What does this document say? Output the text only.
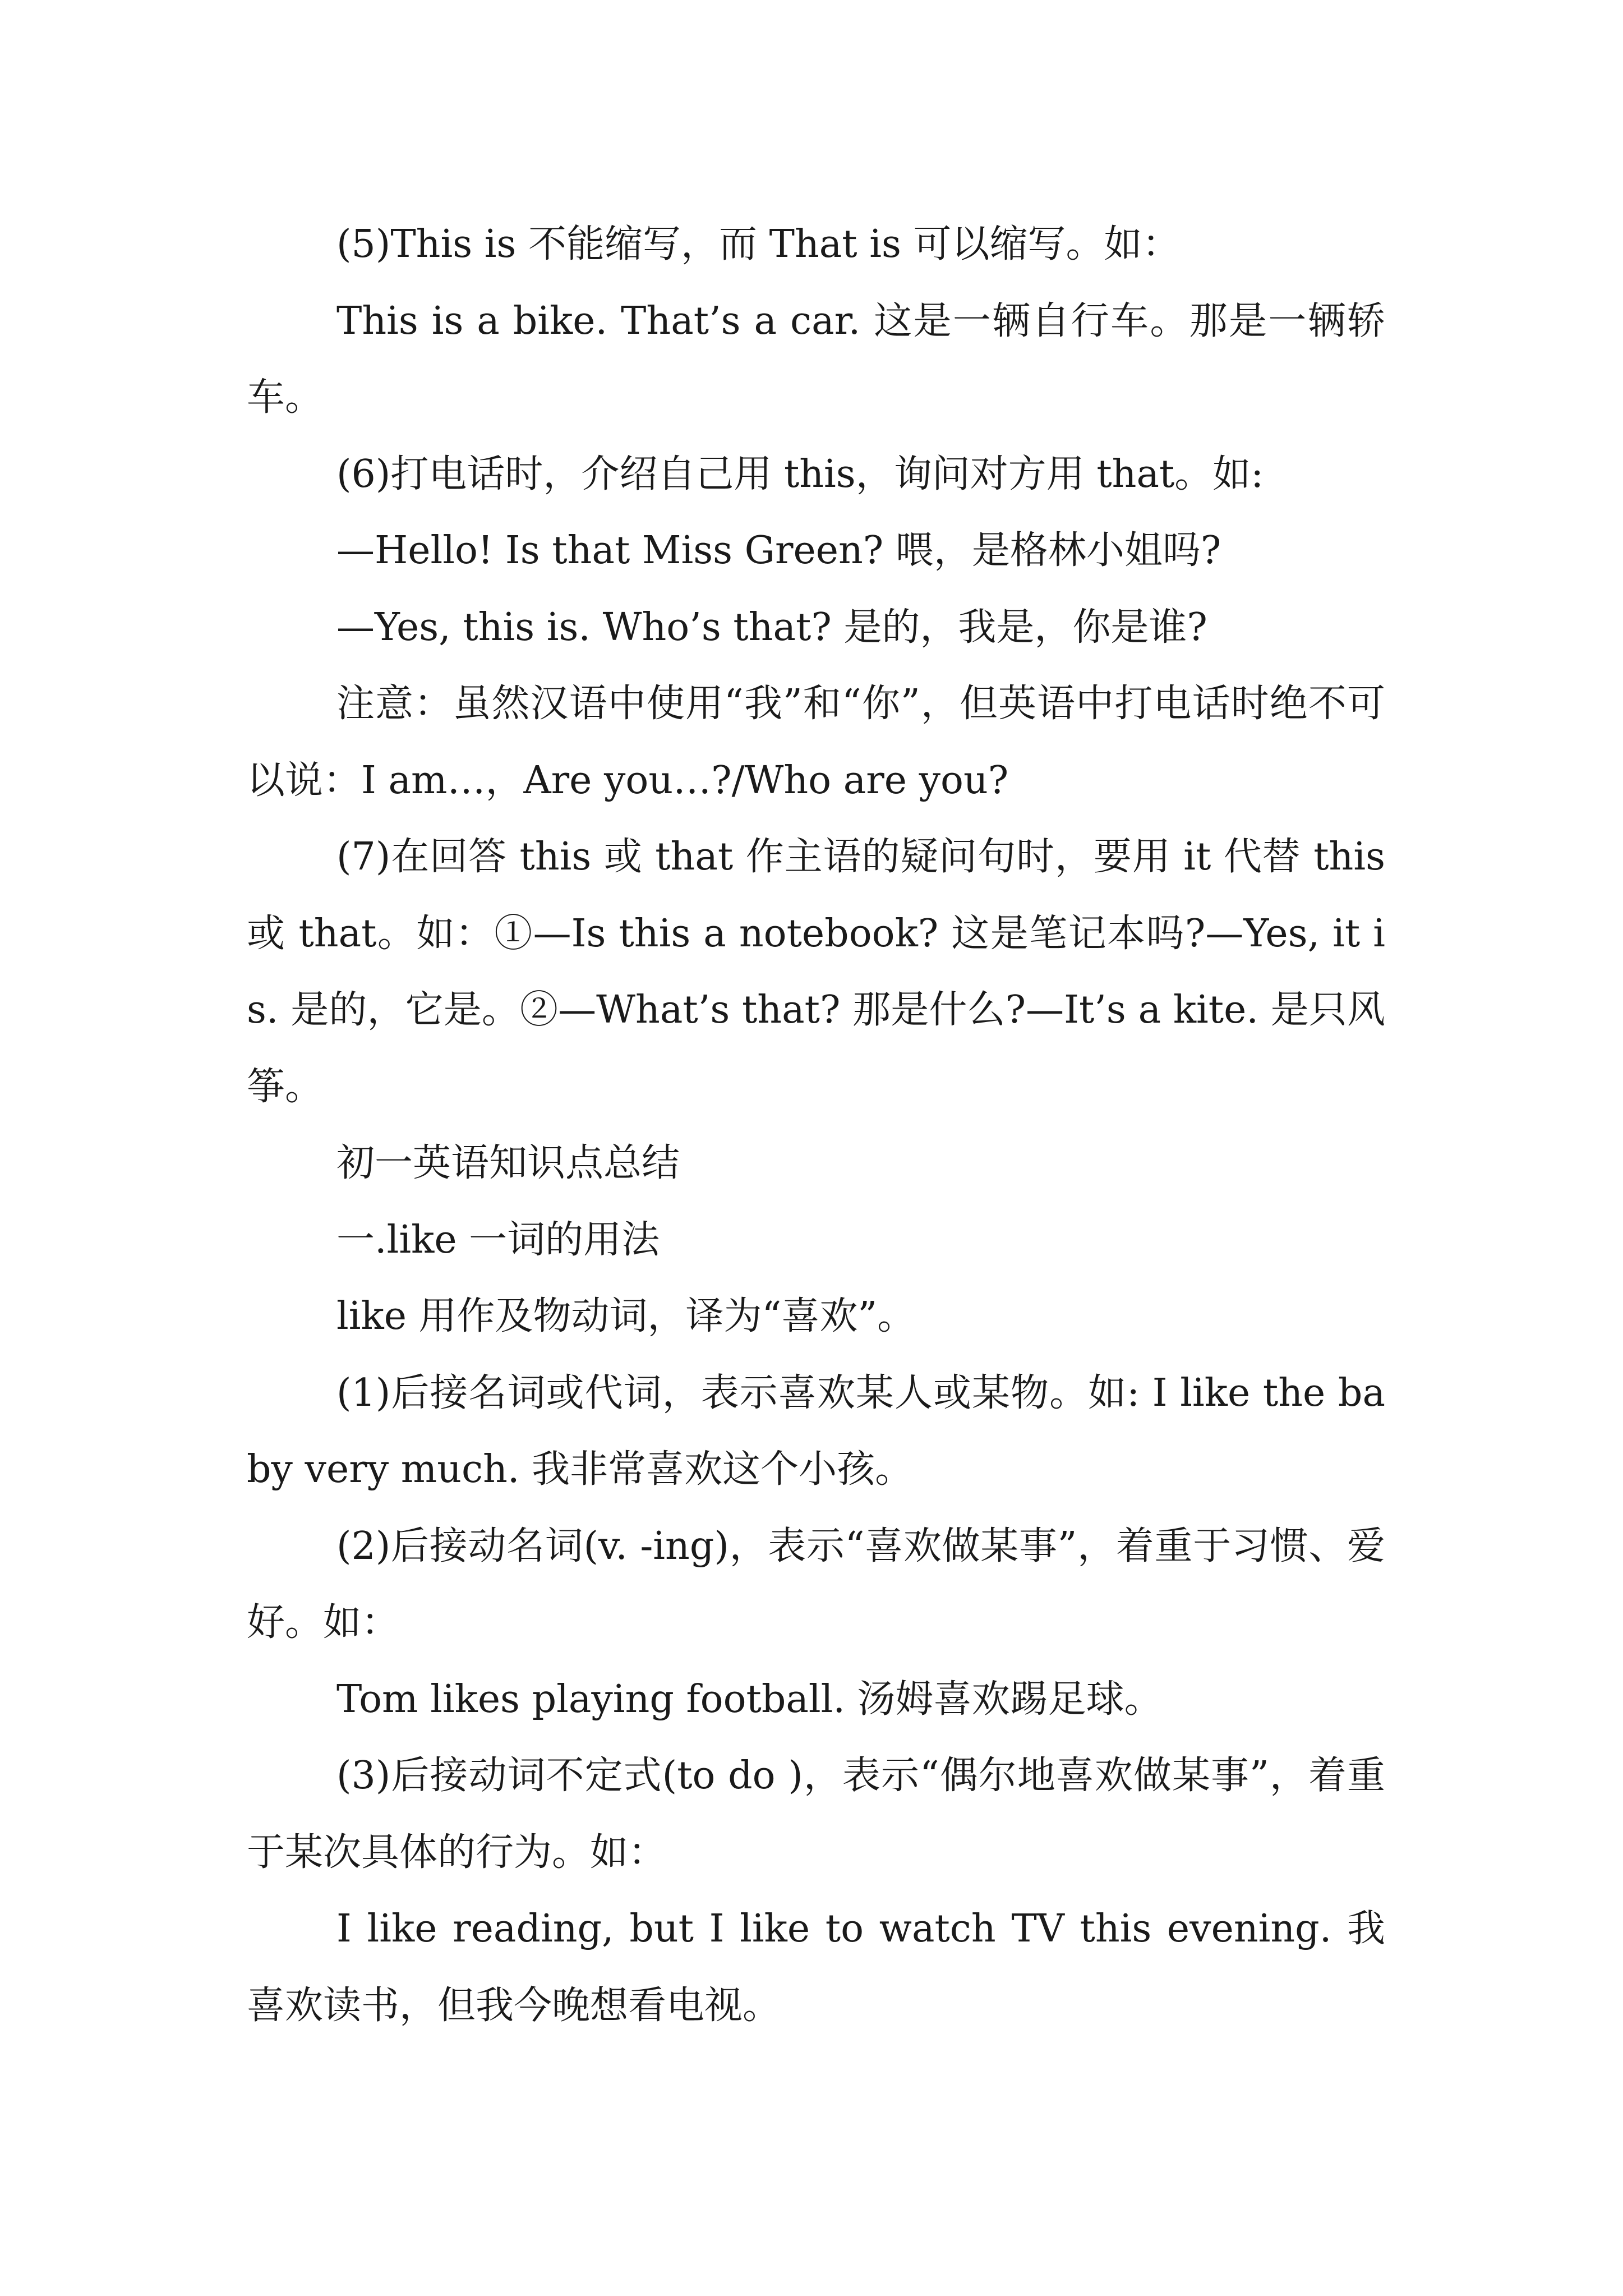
(5)This is 不能缩写，而 That is 可以缩写。如：

This is a bike. That’s a car. 这是一辆自行车。那是一辆轿车。

(6)打电话时，介绍自己用 this，询问对方用 that。如:

—Hello! Is that Miss Green? 喂，是格林小姐吗?

—Yes, this is. Who’s that? 是的，我是，你是谁?

注意：虽然汉语中使用“我”和“你”，但英语中打电话时绝不可以说：I am…，Are you…?/Who are you?

(7)在回答 this 或 that 作主语的疑问句时，要用 it 代替 this 或 that。如：①—Is this a notebook? 这是笔记本吗?—Yes, it is. 是的，它是。②—What’s that? 那是什么?—It’s a kite. 是只风筝。

初一英语知识点总结

一.like 一词的用法

like 用作及物动词，译为“喜欢”。

(1)后接名词或代词，表示喜欢某人或某物。如: I like the baby very much. 我非常喜欢这个小孩。

(2)后接动名词(v. -ing)，表示“喜欢做某事”，着重于习惯、爱好。如：

Tom likes playing football. 汤姆喜欢踢足球。

(3)后接动词不定式(to do )，表示“偶尔地喜欢做某事”，着重于某次具体的行为。如：

I like reading, but I like to watch TV this evening. 我喜欢读书，但我今晚想看电视。
